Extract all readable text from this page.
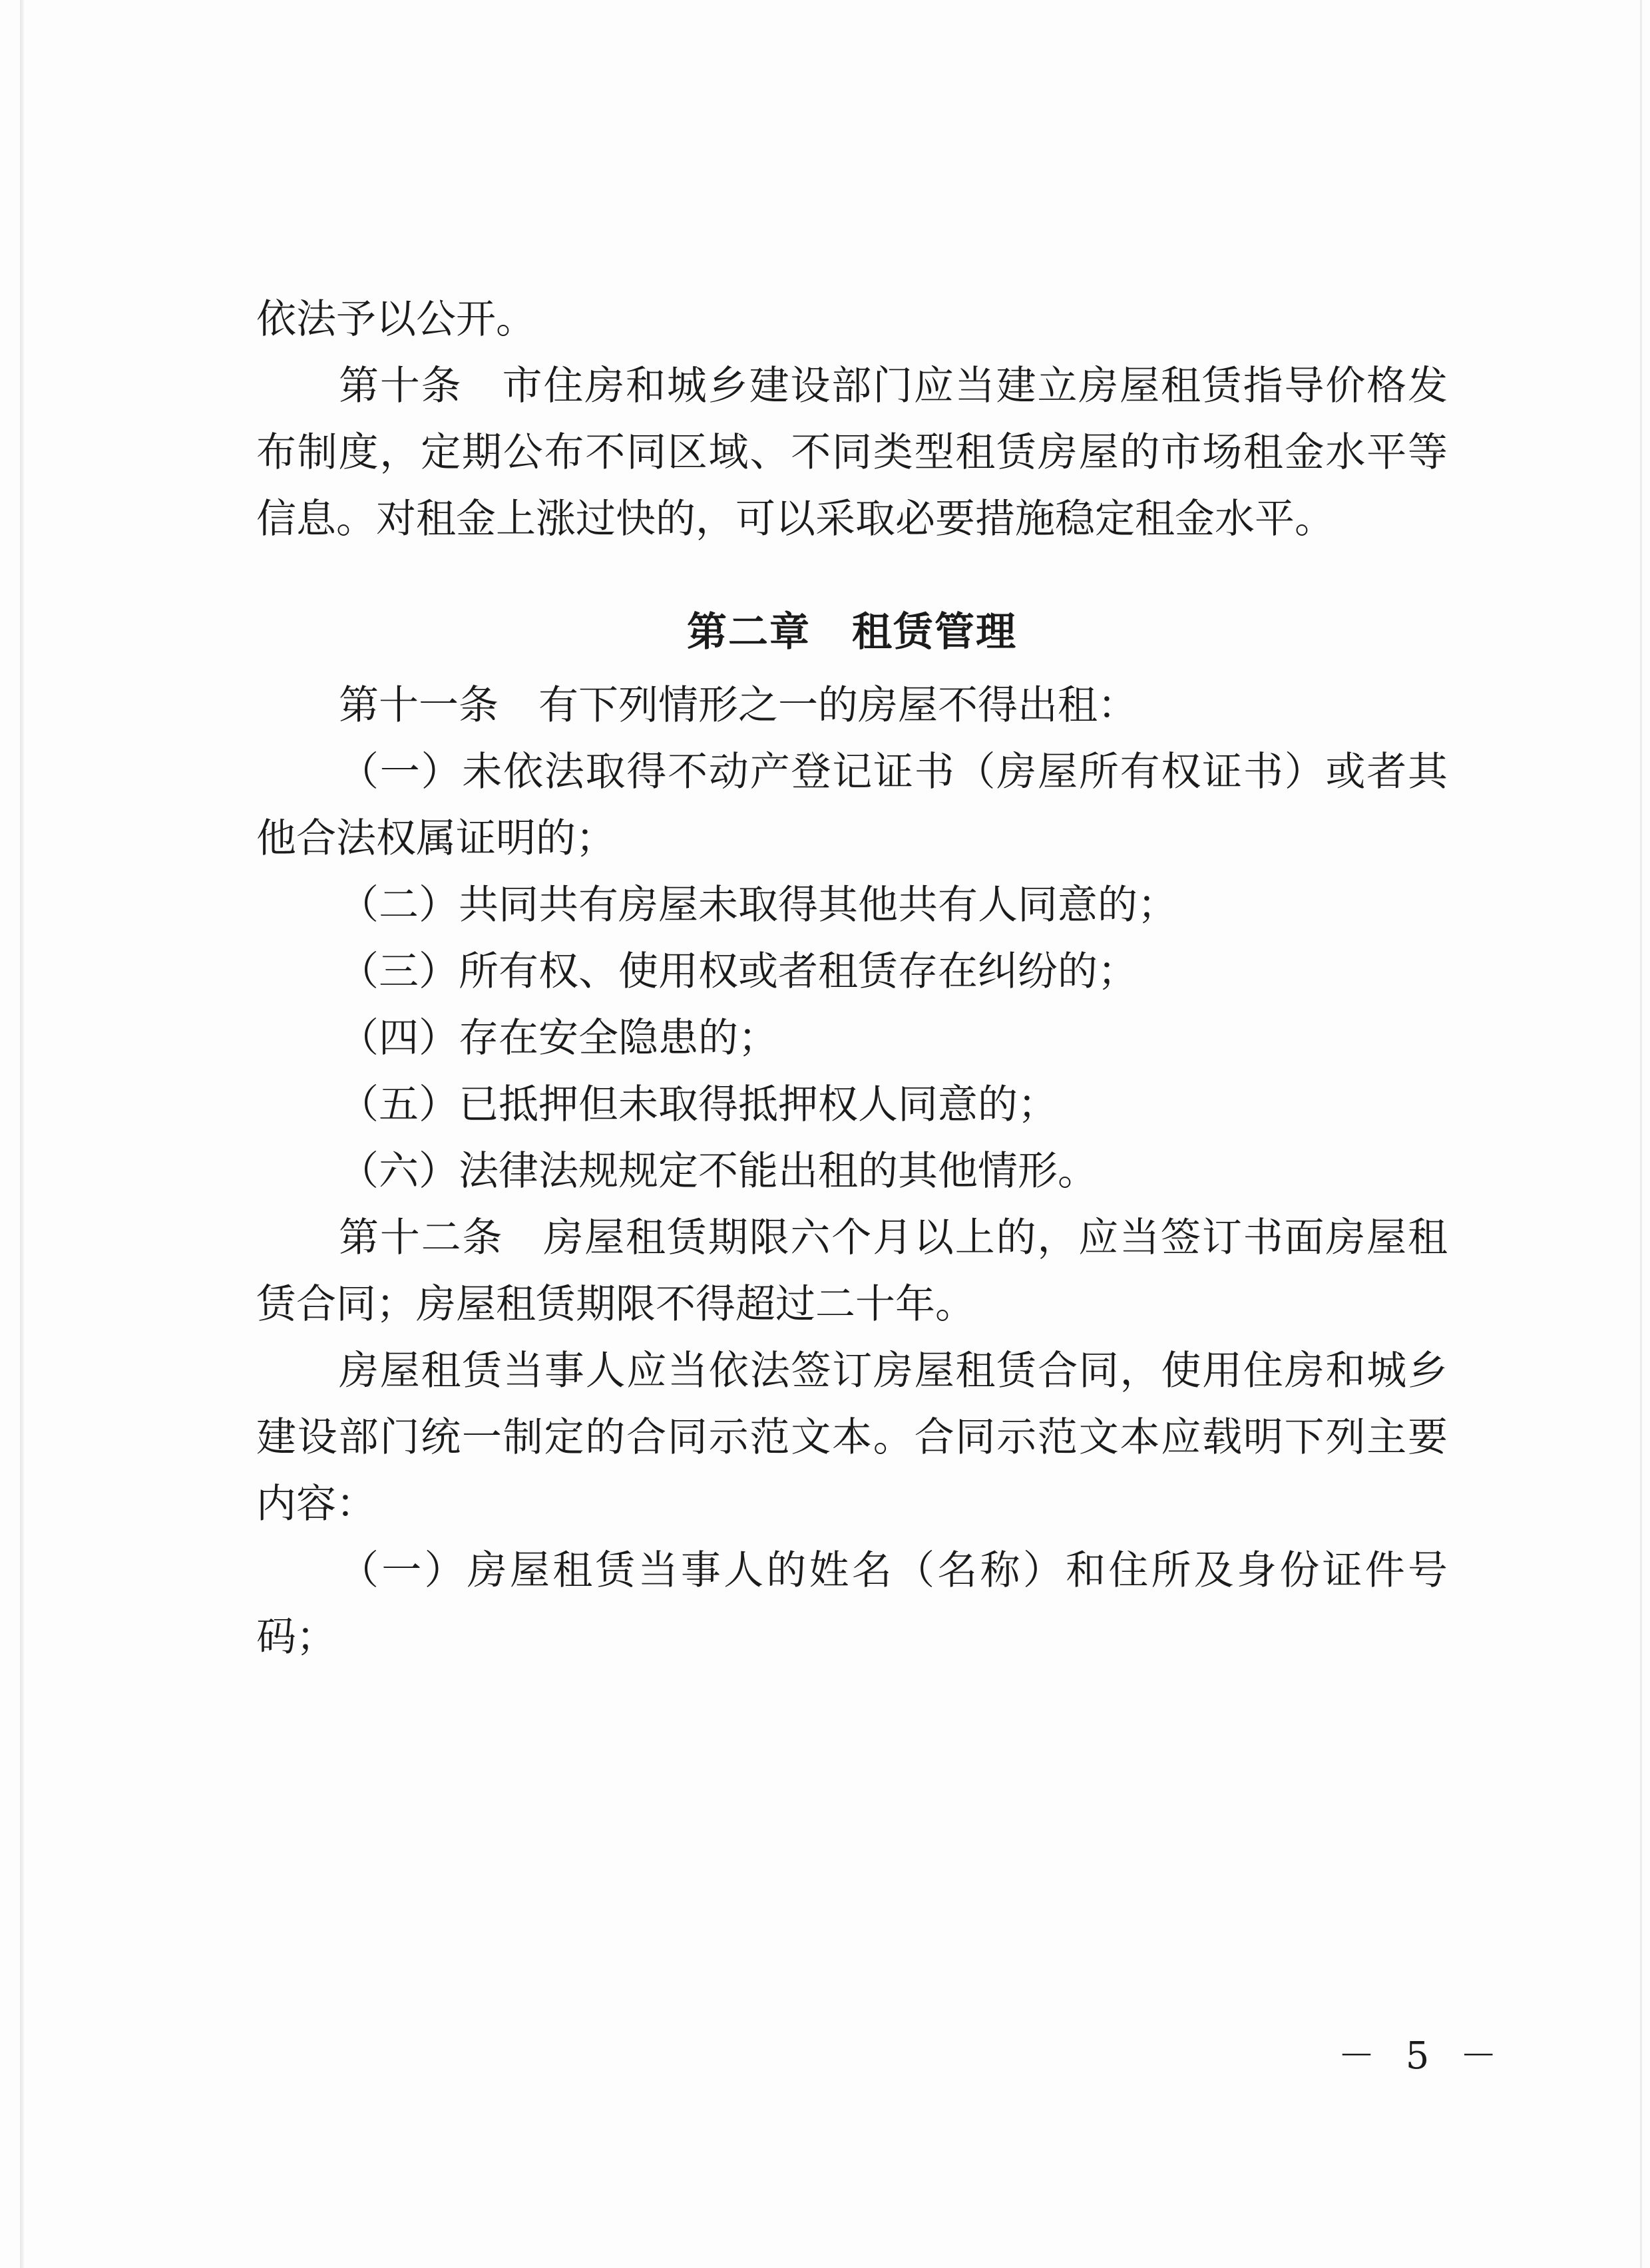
依法予以公开。

第十条 市住房和城乡建设部门应当建立房屋租赁指导价格发布制度，定期公布不同区域、不同类型租赁房屋的市场租金水平等信息。对租金上涨过快的，可以采取必要措施稳定租金水平。

第二章　租赁管理

第十一条 有下列情形之一的房屋不得出租：

（一）未依法取得不动产登记证书（房屋所有权证书）或者其他合法权属证明的；

（二）共同共有房屋未取得其他共有人同意的；

（三）所有权、使用权或者租赁存在纠纷的；

（四）存在安全隐患的；

（五）已抵押但未取得抵押权人同意的；

（六）法律法规规定不能出租的其他情形。

第十二条 房屋租赁期限六个月以上的，应当签订书面房屋租赁合同；房屋租赁期限不得超过二十年。

房屋租赁当事人应当依法签订房屋租赁合同，使用住房和城乡建设部门统一制定的合同示范文本。合同示范文本应载明下列主要内容：

（一）房屋租赁当事人的姓名（名称）和住所及身份证件号码；

－ 5 －
